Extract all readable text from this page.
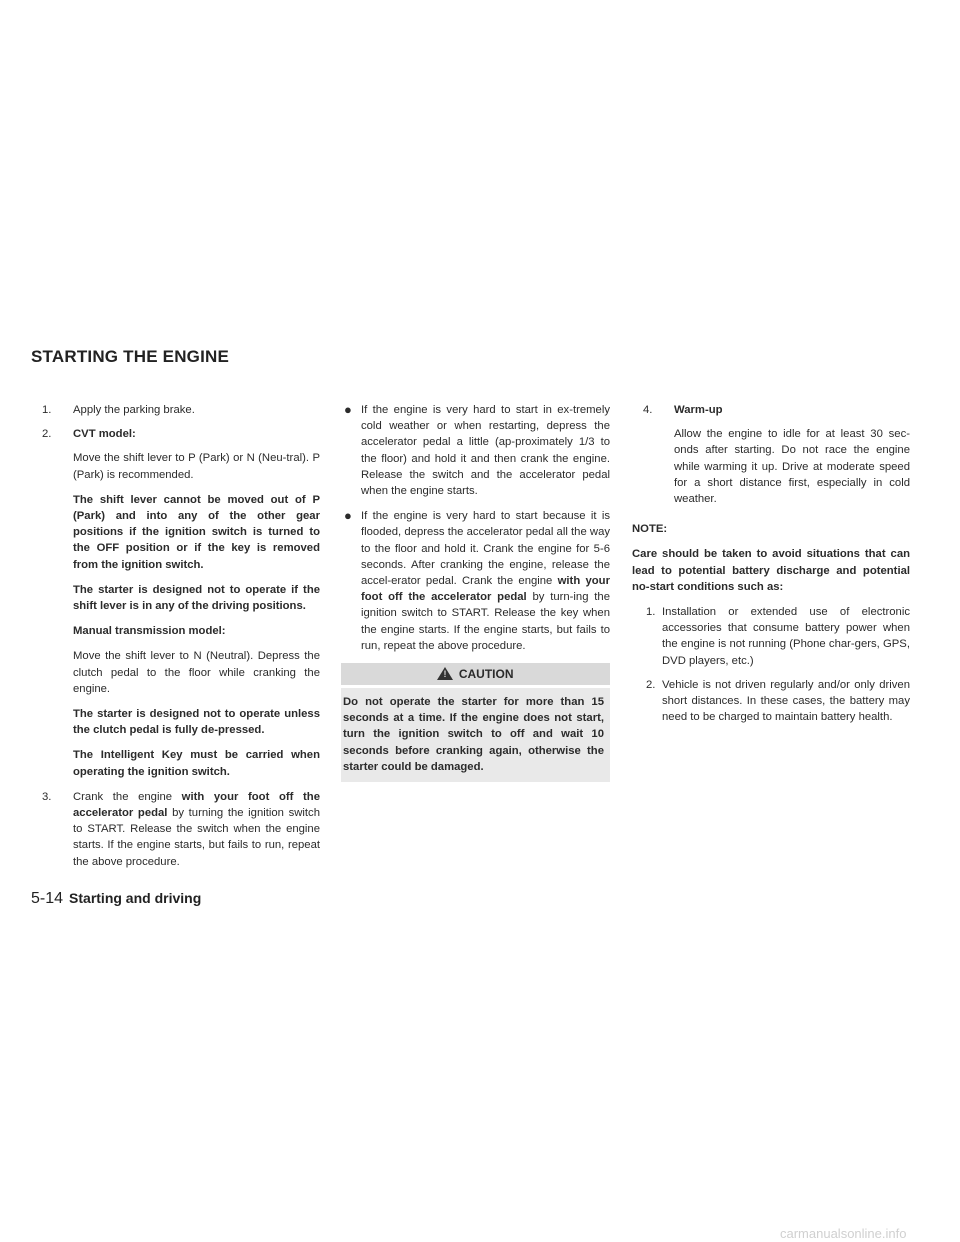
STARTING THE ENGINE
1. Apply the parking brake.
2. CVT model:
Move the shift lever to P (Park) or N (Neu-tral). P (Park) is recommended.
The shift lever cannot be moved out of P (Park) and into any of the other gear positions if the ignition switch is turned to the OFF position or if the key is removed from the ignition switch.
The starter is designed not to operate if the shift lever is in any of the driving positions.
Manual transmission model:
Move the shift lever to N (Neutral). Depress the clutch pedal to the floor while cranking the engine.
The starter is designed not to operate unless the clutch pedal is fully de-pressed.
The Intelligent Key must be carried when operating the ignition switch.
3. Crank the engine with your foot off the accelerator pedal by turning the ignition switch to START. Release the switch when the engine starts. If the engine starts, but fails to run, repeat the above procedure.
● If the engine is very hard to start in ex-tremely cold weather or when restarting, depress the accelerator pedal a little (ap-proximately 1/3 to the floor) and hold it and then crank the engine. Release the switch and the accelerator pedal when the engine starts.
● If the engine is very hard to start because it is flooded, depress the accelerator pedal all the way to the floor and hold it. Crank the engine for 5-6 seconds. After cranking the engine, release the accel-erator pedal. Crank the engine with your foot off the accelerator pedal by turn-ing the ignition switch to START. Release the key when the engine starts. If the engine starts, but fails to run, repeat the above procedure.
! CAUTION
Do not operate the starter for more than 15 seconds at a time. If the engine does not start, turn the ignition switch to off and wait 10 seconds before cranking again, otherwise the starter could be damaged.
4. Warm-up
Allow the engine to idle for at least 30 sec-onds after starting. Do not race the engine while warming it up. Drive at moderate speed for a short distance first, especially in cold weather.
NOTE:

Care should be taken to avoid situations that can lead to potential battery discharge and potential no-start conditions such as:

1. Installation or extended use of electronic accessories that consume battery power when the engine is not running (Phone char-gers, GPS, DVD players, etc.)
2. Vehicle is not driven regularly and/or only driven short distances. In these cases, the battery may need to be charged to maintain battery health.
5-14 Starting and driving
carmanualsonline.info
